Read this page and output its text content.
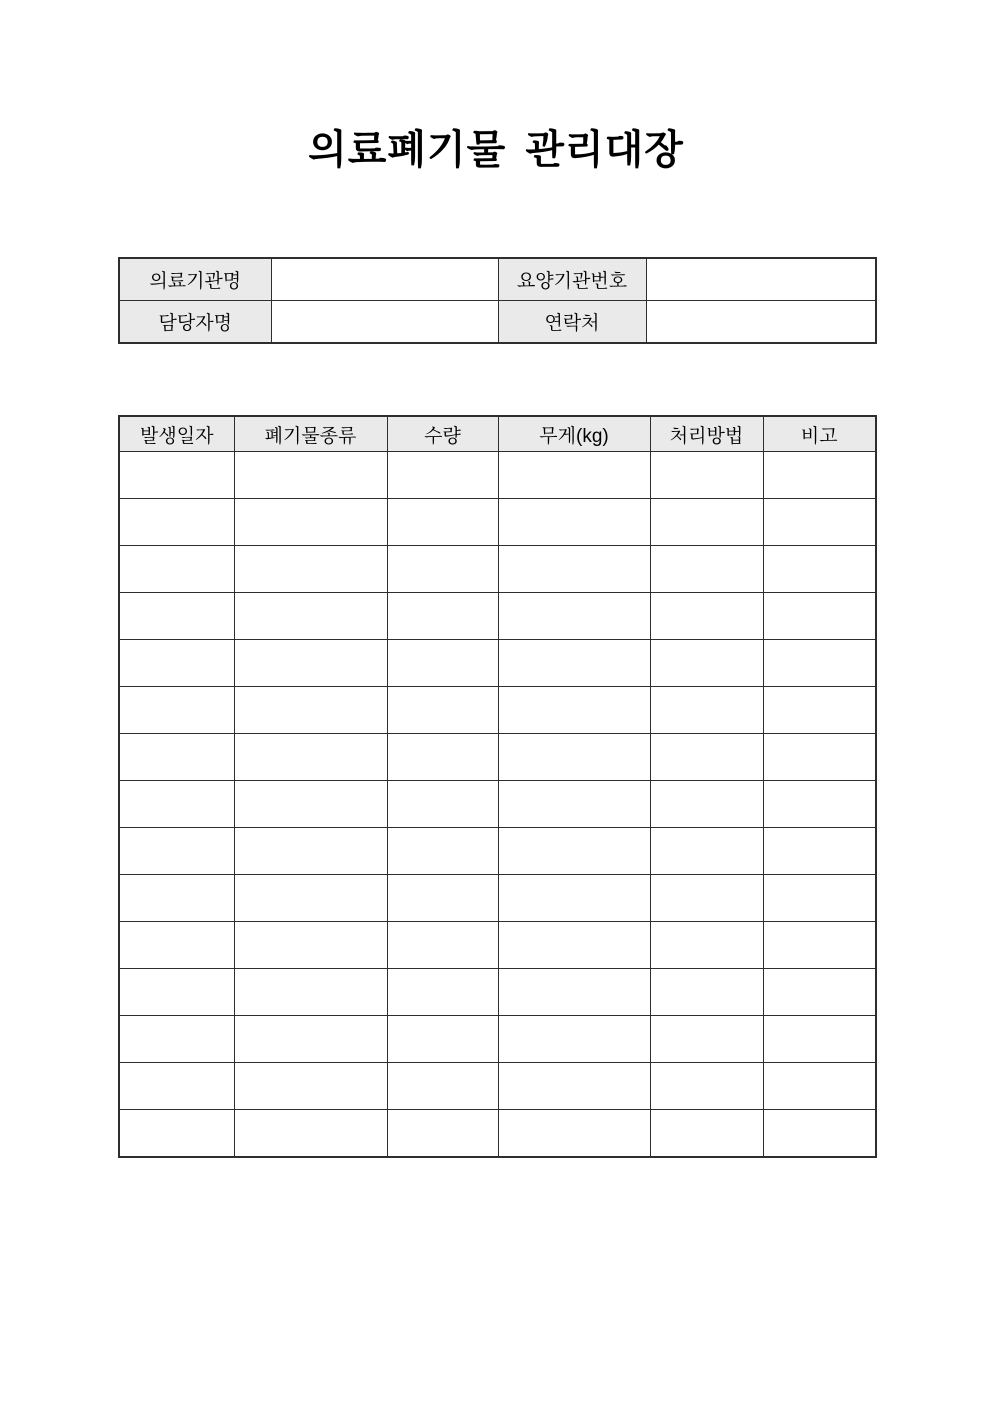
의료폐기물 관리대장
의료기관명		요양기관번호	
담당자명		연락처	
발생일자	폐기물종류	수량	무게(kg)	처리방법	비고
